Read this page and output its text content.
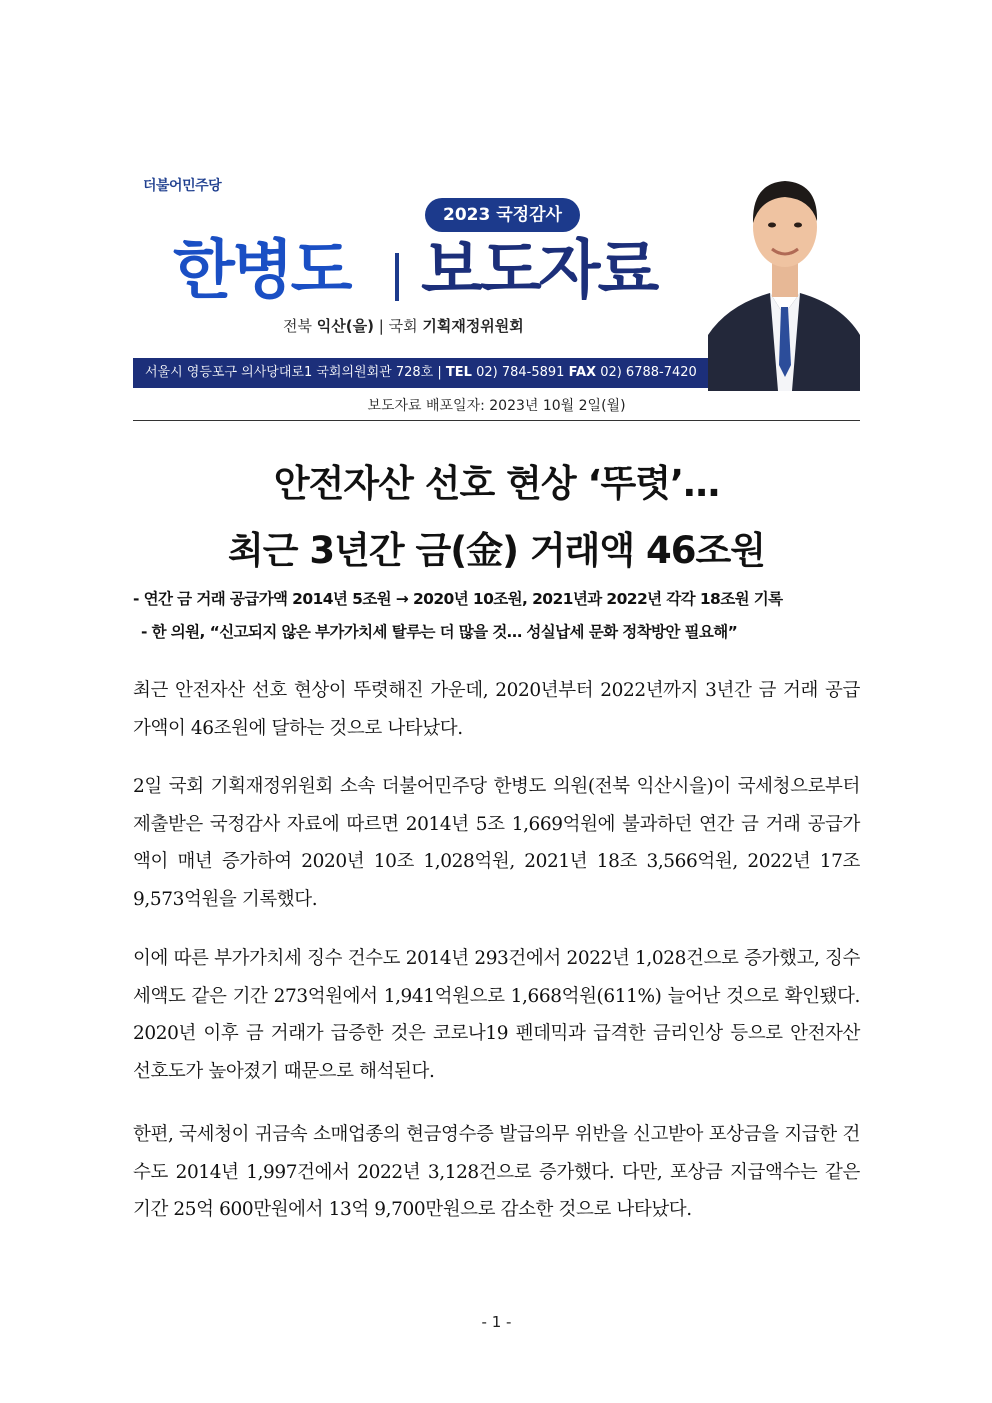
더불어민주당
2023 국정감사
한병도 보도자료
전북 익산(을) | 국회 기획재정위원회
서울시 영등포구 의사당대로1 국회의원회관 728호 | TEL 02) 784-5891 FAX 02) 6788-7420
보도자료 배포일자: 2023년 10월 2일(월)
안전자산 선호 현상 ‘뚜렷’…
최근 3년간 금(金) 거래액 46조원
- 연간 금 거래 공급가액 2014년 5조원 → 2020년 10조원, 2021년과 2022년 각각 18조원 기록
- 한 의원, “신고되지 않은 부가가치세 탈루는 더 많을 것… 성실납세 문화 정착방안 필요해”

최근 안전자산 선호 현상이 뚜렷해진 가운데, 2020년부터 2022년까지 3년간 금 거래 공급가액이 46조원에 달하는 것으로 나타났다.

2일 국회 기획재정위원회 소속 더불어민주당 한병도 의원(전북 익산시을)이 국세청으로부터 제출받은 국정감사 자료에 따르면 2014년 5조 1,669억원에 불과하던 연간 금 거래 공급가액이 매년 증가하여 2020년 10조 1,028억원, 2021년 18조 3,566억원, 2022년 17조 9,573억원을 기록했다.

이에 따른 부가가치세 징수 건수도 2014년 293건에서 2022년 1,028건으로 증가했고, 징수세액도 같은 기간 273억원에서 1,941억원으로 1,668억원(611%) 늘어난 것으로 확인됐다. 2020년 이후 금 거래가 급증한 것은 코로나19 펜데믹과 급격한 금리인상 등으로 안전자산 선호도가 높아졌기 때문으로 해석된다.

한편, 국세청이 귀금속 소매업종의 현금영수증 발급의무 위반을 신고받아 포상금을 지급한 건수도 2014년 1,997건에서 2022년 3,128건으로 증가했다. 다만, 포상금 지급액수는 같은 기간 25억 600만원에서 13억 9,700만원으로 감소한 것으로 나타났다.

- 1 -
